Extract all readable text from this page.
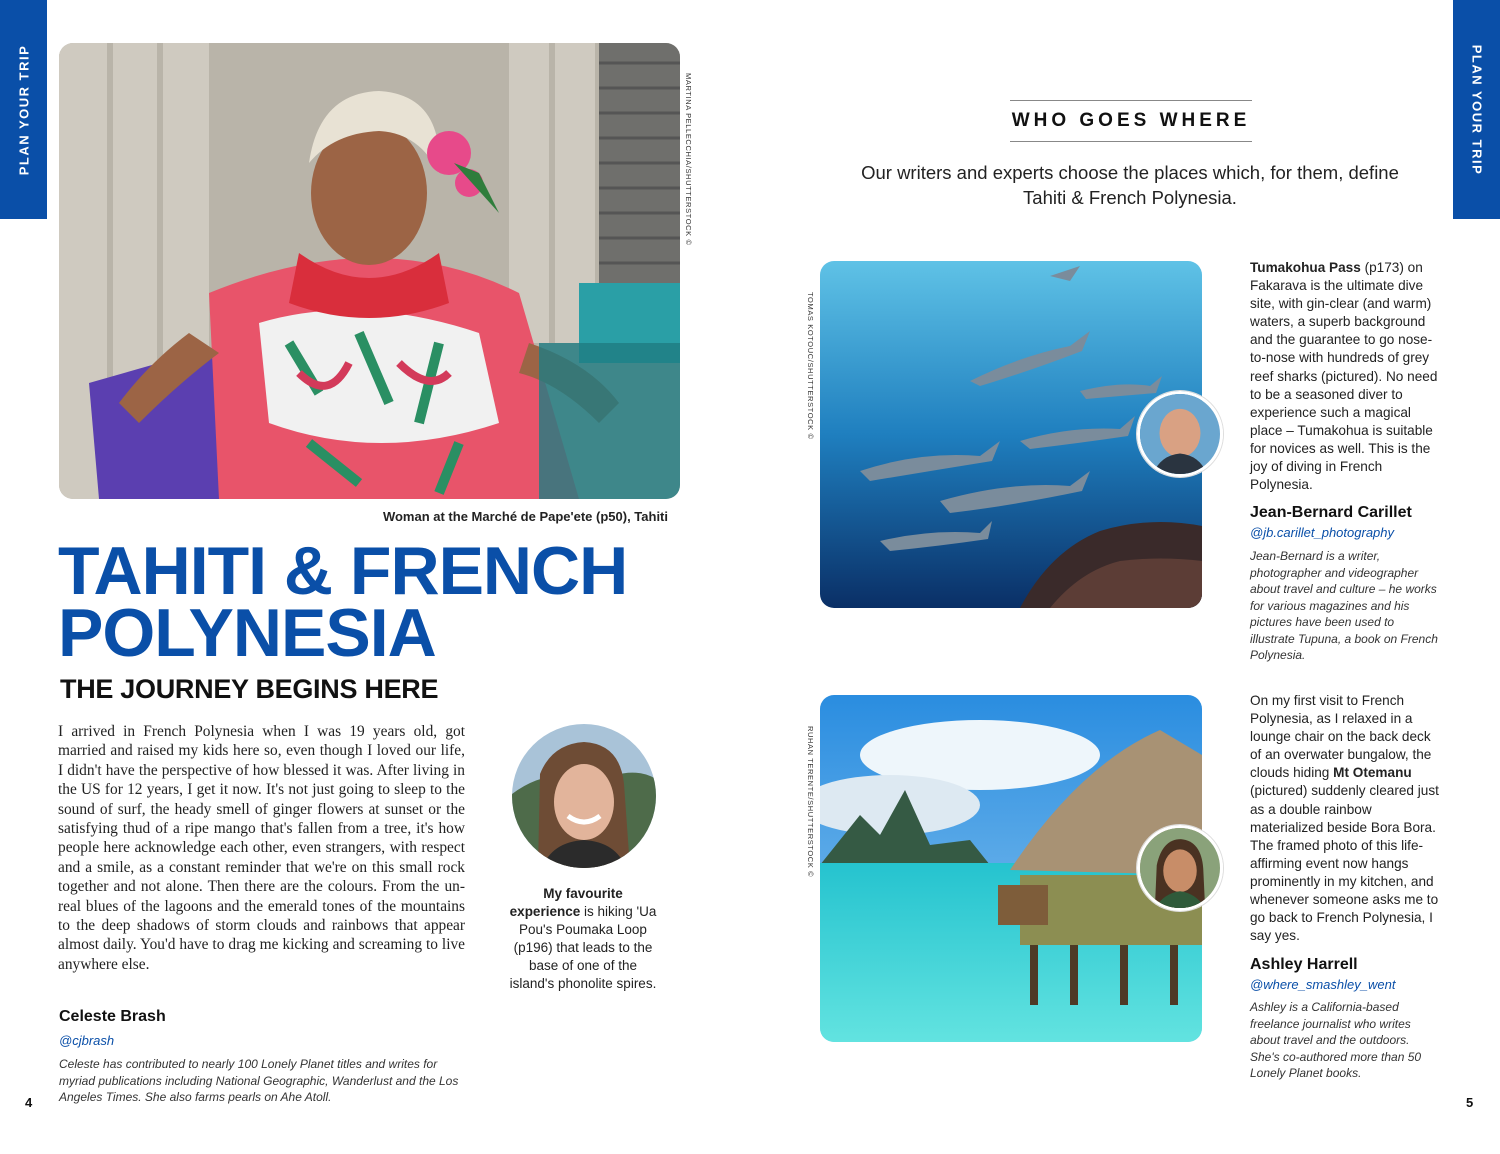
PLAN YOUR TRIP	PLAN YOUR TRIP
MARTINA PELLECCHIA/SHUTTERSTOCK ©
Woman at the Marché de Pape'ete (p50), Tahiti
TAHITI & FRENCH
POLYNESIA
THE JOURNEY BEGINS HERE
I arrived in French Polynesia when I was 19 years old, got married and raised my kids here so, even though I loved our life, I didn't have the perspective of how blessed it was. After living in the US for 12 years, I get it now. It's not just going to sleep to the sound of surf, the heady smell of ginger flowers at sunset or the satisfying thud of a ripe mango that's fallen from a tree, it's how people here acknowledge each other, even strangers, with respect and a smile, as a constant reminder that we're on this small rock together and not alone. Then there are the colours. From the un-real blues of the lagoons and the emerald tones of the mountains to the deep shadows of storm clouds and rainbows that appear almost daily. You'd have to drag me kicking and screaming to live anywhere else.
My favourite experience is hiking 'Ua Pou's Poumaka Loop (p196) that leads to the base of one of the island's phonolite spires.
Celeste Brash
@cjbrash
Celeste has contributed to nearly 100 Lonely Planet titles and writes for myriad publications including National Geographic, Wanderlust and the Los Angeles Times. She also farms pearls on Ahe Atoll.
4
WHO GOES WHERE
Our writers and experts choose the places which, for them, define Tahiti & French Polynesia.
TOMAS KOTOUC/SHUTTERSTOCK ©
Tumakohua Pass (p173) on Fakarava is the ultimate dive site, with gin-clear (and warm) waters, a superb background and the guarantee to go nose-to-nose with hundreds of grey reef sharks (pictured). No need to be a seasoned diver to experience such a magical place – Tumakohua is suitable for novices as well. This is the joy of diving in French Polynesia.
Jean-Bernard Carillet
@jb.carillet_photography
Jean-Bernard is a writer, photographer and videographer about travel and culture – he works for various magazines and his pictures have been used to illustrate Tupuna, a book on French Polynesia.
RUHAN TERENTE/SHUTTERSTOCK ©
On my first visit to French Polynesia, as I relaxed in a lounge chair on the back deck of an overwater bungalow, the clouds hiding Mt Otemanu (pictured) suddenly cleared just as a double rainbow materialized beside Bora Bora. The framed photo of this life-affirming event now hangs prominently in my kitchen, and whenever someone asks me to go back to French Polynesia, I say yes.
Ashley Harrell
@where_smashley_went
Ashley is a California-based freelance journalist who writes about travel and the outdoors. She's co-authored more than 50 Lonely Planet books.
5
